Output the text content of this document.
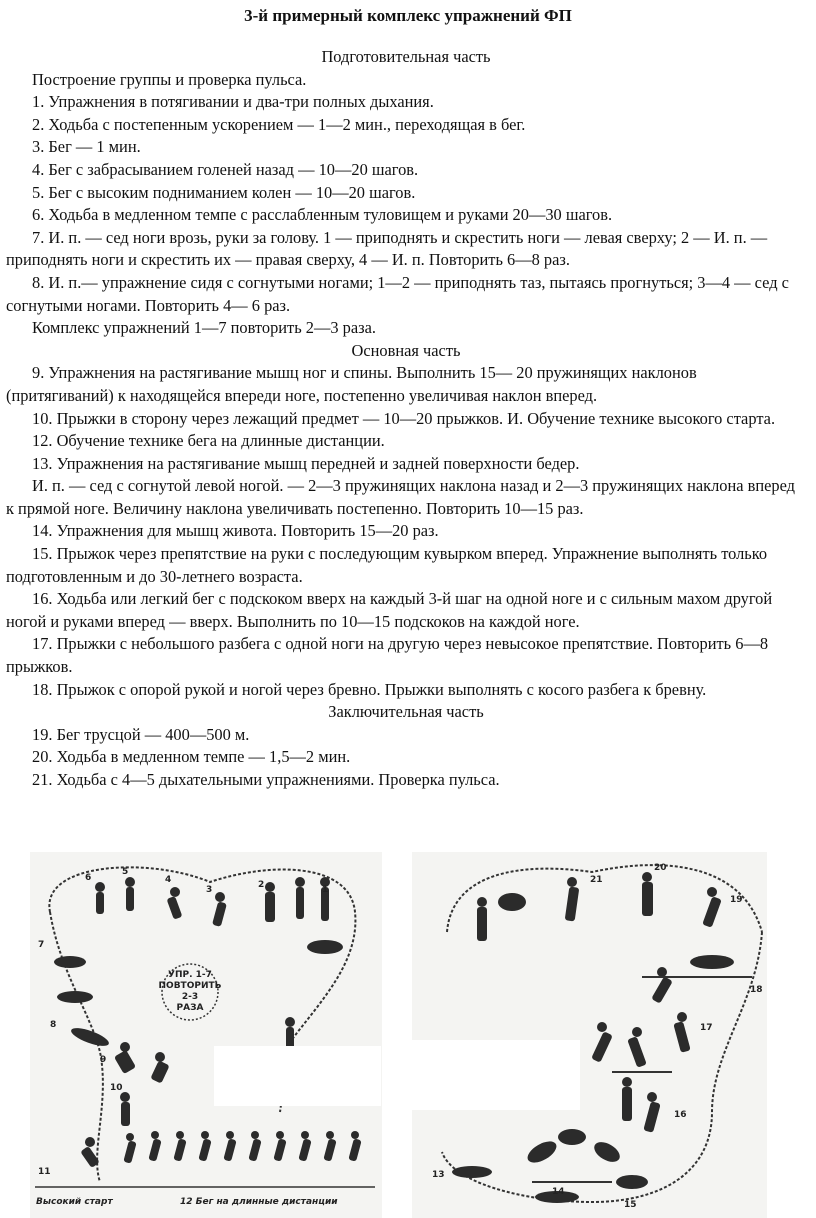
3-й примерный комплекс упражнений ФП

Подготовительная часть

Построение группы и проверка пульса.

1. Упражнения в потягивании и два-три полных дыхания.

2. Ходьба с постепенным ускорением — 1—2 мин., переходящая в бег.

3. Бег — 1 мин.

4. Бег с забрасыванием голеней назад — 10—20 шагов.

5. Бег с высоким подниманием колен — 10—20 шагов.

6. Ходьба в медленном темпе с расслабленным туловищем и руками 20—30 шагов.

7. И. п. — сед ноги врозь, руки за голову. 1 — приподнять и скрестить ноги — левая сверху; 2 — И. п. — приподнять ноги и скрестить их — правая сверху, 4 — И. п. Повторить 6—8 раз.

8. И. п.— упражнение сидя с согнутыми ногами; 1—2 — приподнять таз, пытаясь прогнуться; 3—4 — сед с согнутыми ногами. Повторить 4— 6 раз.

Комплекс упражнений 1—7 повторить 2—3 раза.

Основная часть

9. Упражнения на растягивание мышц ног и спины. Выполнить 15— 20 пружинящих наклонов (притягиваний) к находящейся впереди ноге, постепенно увеличивая наклон вперед.

10. Прыжки в сторону через лежащий предмет — 10—20 прыжков. И. Обучение технике высокого старта.

12. Обучение технике бега на длинные дистанции.

13. Упражнения на растягивание мышц передней и задней поверхности бедер.

И. п. — сед с согнутой левой ногой. — 2—3 пружинящих наклона назад и 2—3 пружинящих наклона вперед к прямой ноге. Величину наклона увеличивать постепенно. Повторить 10—15 раз.

14. Упражнения для мышц живота. Повторить 15—20 раз.

15. Прыжок через препятствие на руки с последующим кувырком вперед. Упражнение выполнять только подготовленным и до 30-летнего возраста.

16. Ходьба или легкий бег с подскоком вверх на каждый 3-й шаг на одной ноге и с сильным махом другой ногой и руками вперед — вверх. Выполнить по 10—15 подскоков на каждой ноге.

17. Прыжки с небольшого разбега с одной ноги на другую через невысокое препятствие. Повторить 6—8 прыжков.

18. Прыжок с опорой рукой и ногой через бревно. Прыжки выполнять с косого разбега к бревну.

Заключительная часть

19. Бег трусцой — 400—500 м.

20. Ходьба в медленном темпе — 1,5—2 мин.

21. Ходьба с 4—5 дыхательными упражнениями. Проверка пульса.

УПР. 1-7
ПОВТОРИТЬ
2-3
РАЗА
1
2
3
4
5
6
7
8
9
10
11
Высокий старт	12 Бег на длинные дистанции
13
14
15
16
17
18
19
20
21
